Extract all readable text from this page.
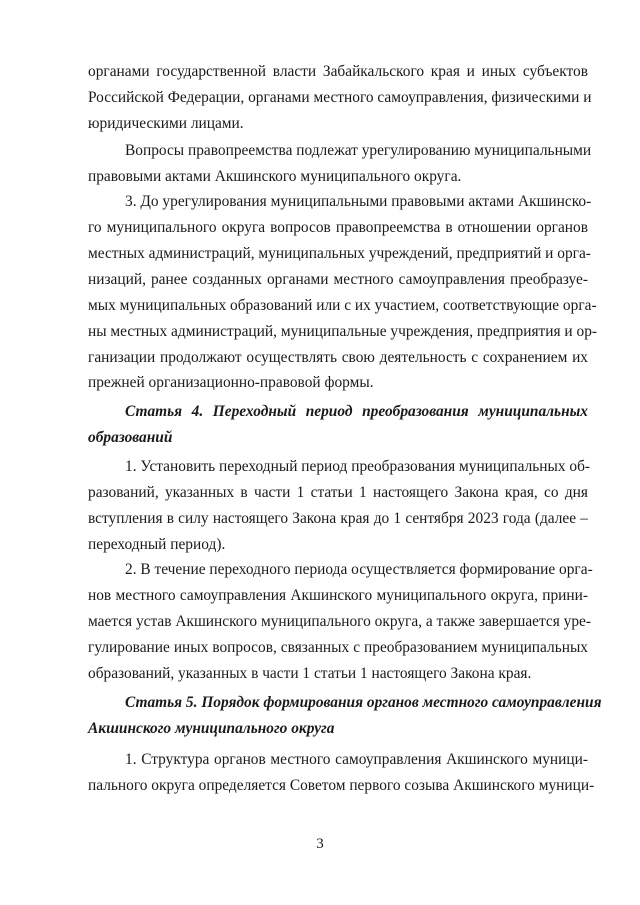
органами государственной власти Забайкальского края и иных субъектов
Российской Федерации, органами местного самоуправления, физическими и
юридическими лицами.
Вопросы правопреемства подлежат урегулированию муниципальными
правовыми актами Акшинского муниципального округа.
3. До урегулирования муниципальными правовыми актами Акшинско-
го муниципального округа вопросов правопреемства в отношении органов
местных администраций, муниципальных учреждений, предприятий и орга-
низаций, ранее созданных органами местного самоуправления преобразуе-
мых муниципальных образований или с их участием, соответствующие орга-
ны местных администраций, муниципальные учреждения, предприятия и ор-
ганизации продолжают осуществлять свою деятельность с сохранением их
прежней организационно-правовой формы.
Статья 4. Переходный период преобразования муниципальных
образований
1. Установить переходный период преобразования муниципальных об-
разований, указанных в части 1 статьи 1 настоящего Закона края, со дня
вступления в силу настоящего Закона края до 1 сентября 2023 года (далее –
переходный период).
2. В течение переходного периода осуществляется формирование орга-
нов местного самоуправления Акшинского муниципального округа, прини-
мается устав Акшинского муниципального округа, а также завершается уре-
гулирование иных вопросов, связанных с преобразованием муниципальных
образований, указанных в части 1 статьи 1 настоящего Закона края.
Статья 5. Порядок формирования органов местного самоуправления
Акшинского муниципального округа
1. Структура органов местного самоуправления Акшинского муници-
пального округа определяется Советом первого созыва Акшинского муници-
3
